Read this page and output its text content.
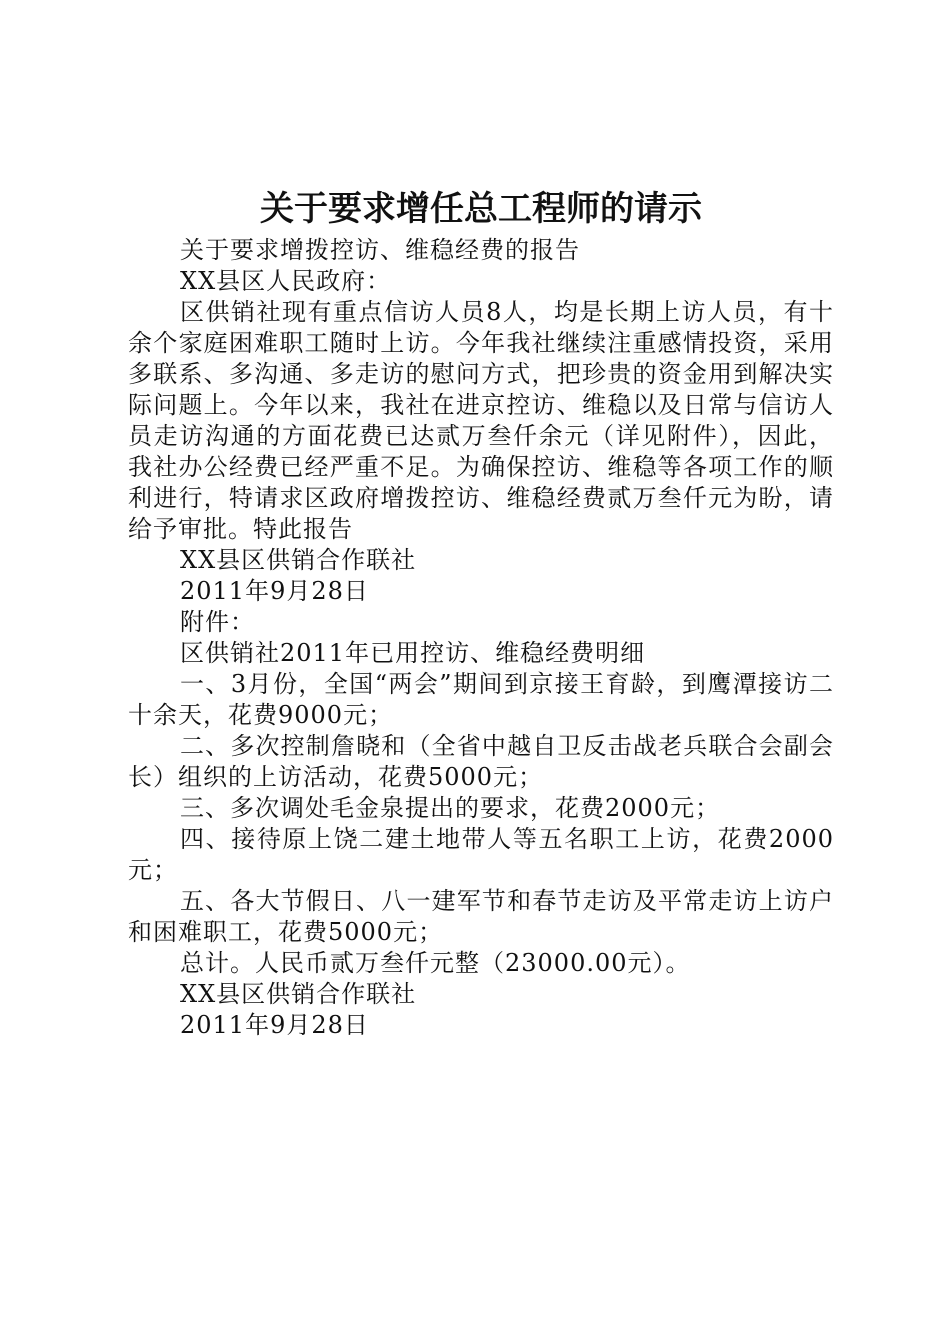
关于要求增任总工程师的请示

关于要求增拨控访、维稳经费的报告

XX县区人民政府：

区供销社现有重点信访人员8人，均是长期上访人员，有十余个家庭困难职工随时上访。今年我社继续注重感情投资，采用多联系、多沟通、多走访的慰问方式，把珍贵的资金用到解决实际问题上。今年以来，我社在进京控访、维稳以及日常与信访人员走访沟通的方面花费已达贰万叁仟余元（详见附件），因此，我社办公经费已经严重不足。为确保控访、维稳等各项工作的顺利进行，特请求区政府增拨控访、维稳经费贰万叁仟元为盼，请给予审批。特此报告

XX县区供销合作联社

2011年9月28日

附件：

区供销社2011年已用控访、维稳经费明细

一、3月份，全国“两会”期间到京接王育龄，到鹰潭接访二十余天，花费9000元；

二、多次控制詹晓和（全省中越自卫反击战老兵联合会副会长）组织的上访活动，花费5000元；

三、多次调处毛金泉提出的要求，花费2000元；

四、接待原上饶二建土地带人等五名职工上访，花费2000元；

五、各大节假日、八一建军节和春节走访及平常走访上访户和困难职工，花费5000元；

总计。人民币贰万叁仟元整（23000.00元）。

XX县区供销合作联社

2011年9月28日
